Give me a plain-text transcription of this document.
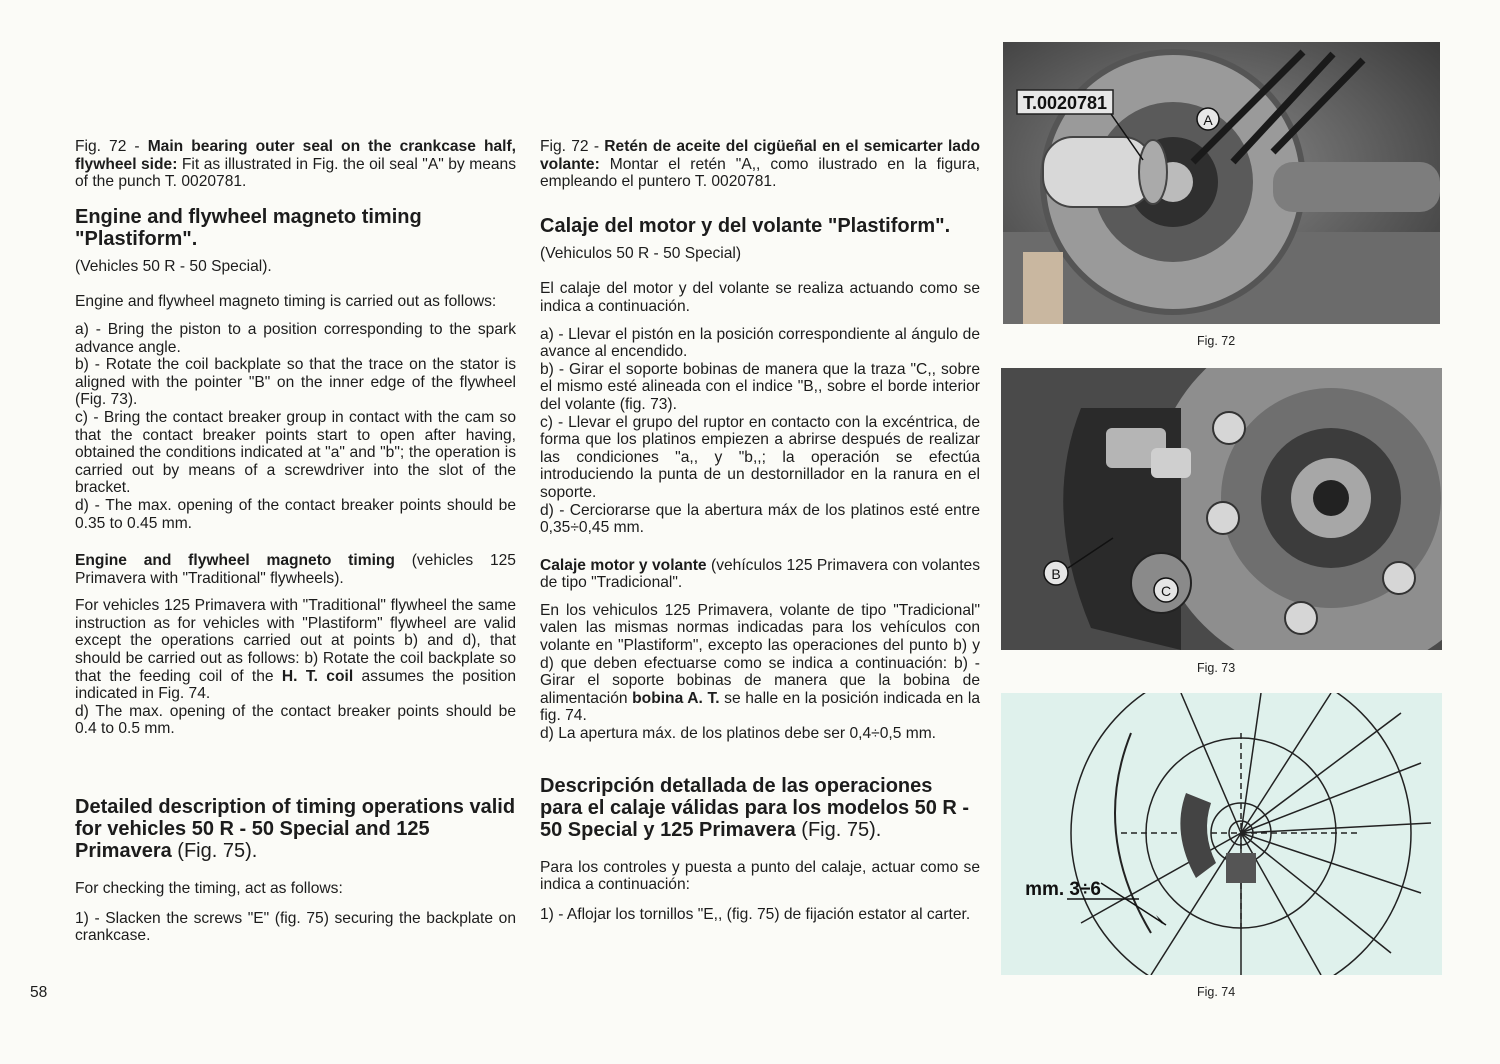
58

Fig. 72 - Main bearing outer seal on the crankcase half, flywheel side: Fit as illustrated in Fig. the oil seal "A" by means of the punch T. 0020781.

Engine and flywheel magneto timing "Plastiform".

(Vehicles 50 R - 50 Special).

Engine and flywheel magneto timing is carried out as follows:

a) - Bring the piston to a position corresponding to the spark advance angle.
b) - Rotate the coil backplate so that the trace on the stator is aligned with the pointer "B" on the inner edge of the flywheel (Fig. 73).
c) - Bring the contact breaker group in contact with the cam so that the contact breaker points start to open after having, obtained the conditions indicated at "a" and "b"; the operation is carried out by means of a screwdriver into the slot of the bracket.
d) - The max. opening of the contact breaker points should be 0.35 to 0.45 mm.

Engine and flywheel magneto timing (vehicles 125 Primavera with "Traditional" flywheels).

For vehicles 125 Primavera with "Traditional" flywheel the same instruction as for vehicles with "Plastiform" flywheel are valid except the operations carried out at points b) and d), that should be carried out as follows: b) Rotate the coil backplate so that the feeding coil of the H. T. coil assumes the position indicated in Fig. 74.
d) The max. opening of the contact breaker points should be 0.4 to 0.5 mm.

Detailed description of timing operations valid for vehicles 50 R - 50 Special and 125 Primavera (Fig. 75).

For checking the timing, act as follows:

1) - Slacken the screws "E" (fig. 75) securing the backplate on crankcase.

Fig. 72 - Retén de aceite del cigüeñal en el semicarter lado volante: Montar el retén "A,, como ilustrado en la figura, empleando el puntero T. 0020781.

Calaje del motor y del volante "Plastiform".

(Vehiculos 50 R - 50 Special)

El calaje del motor y del volante se realiza actuando como se indica a continuación.

a) - Llevar el pistón en la posición correspondiente al ángulo de avance al encendido.
b) - Girar el soporte bobinas de manera que la traza "C,, sobre el mismo esté alineada con el indice "B,, sobre el borde interior del volante (fig. 73).
c) - Llevar el grupo del ruptor en contacto con la excéntrica, de forma que los platinos empiezen a abrirse después de realizar las condiciones "a,, y "b,,; la operación se efectúa introduciendo la punta de un destornillador en la ranura en el soporte.
d) - Cerciorarse que la abertura máx de los platinos esté entre 0,35÷0,45 mm.

Calaje motor y volante (vehículos 125 Primavera con volantes de tipo "Tradicional".

En los vehiculos 125 Primavera, volante de tipo "Tradicional" valen las mismas normas indicadas para los vehículos con volante en "Plastiform", excepto las operaciones del punto b) y d) que deben efectuarse como se indica a continuación: b) - Girar el soporte bobinas de manera que la bobina de alimentación bobina A. T. se halle en la posición indicada en la fig. 74.
d) La apertura máx. de los platinos debe ser 0,4÷0,5 mm.

Descripción detallada de las operaciones para el calaje válidas para los modelos 50 R - 50 Special y 125 Primavera (Fig. 75).

Para los controles y puesta a punto del calaje, actuar como se indica a continuación:

1) - Aflojar los tornillos "E,, (fig. 75) de fijación estator al carter.

T.0020781
A
Fig. 72
B
C
Fig. 73
mm. 3÷6
Fig. 74
